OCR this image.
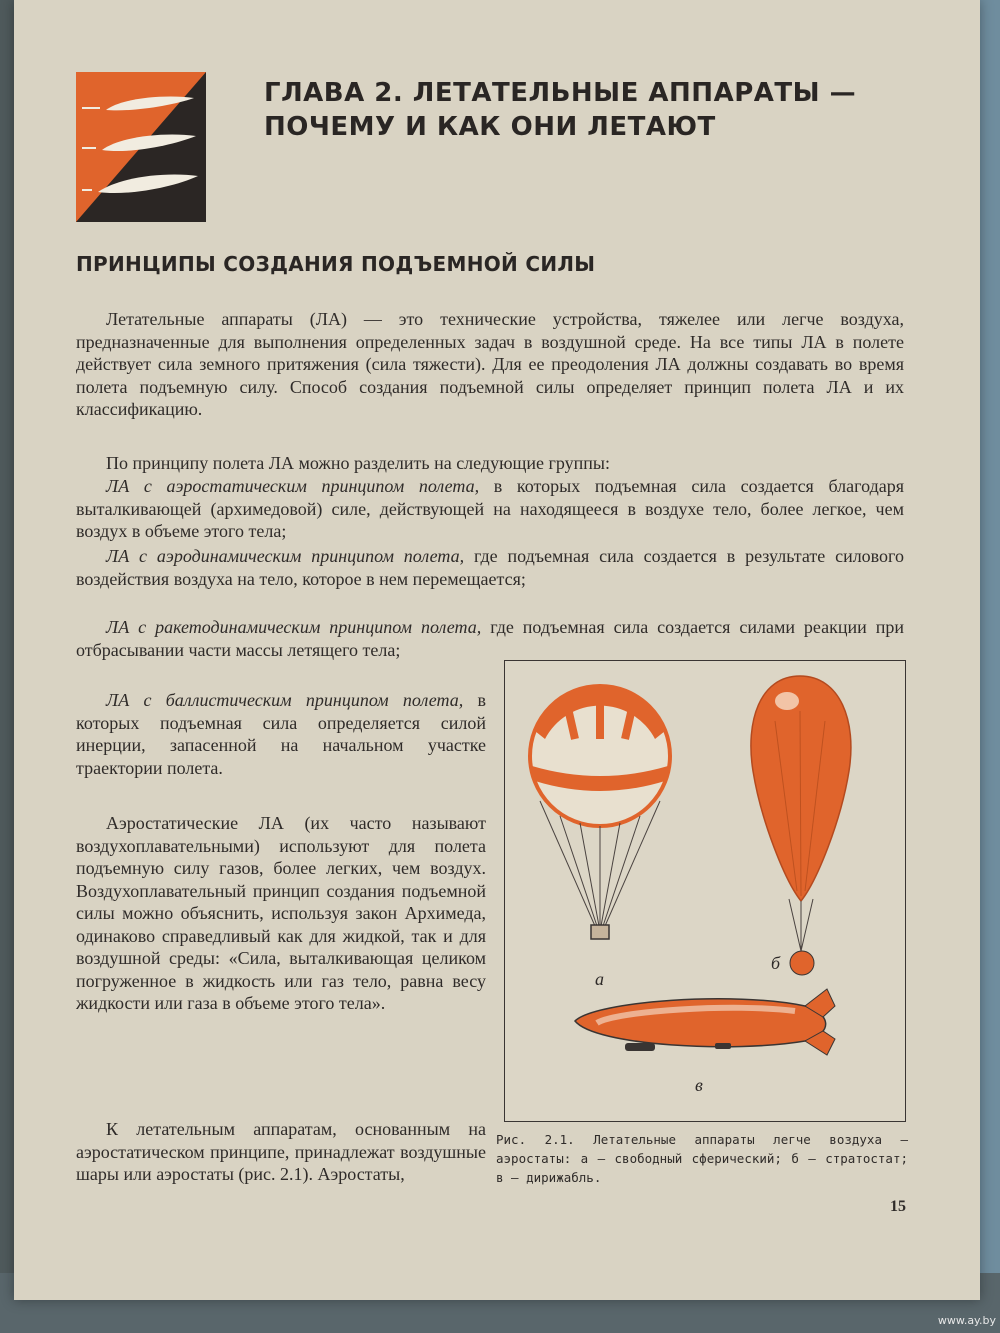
ГЛАВА 2. ЛЕТАТЕЛЬНЫЕ АППАРАТЫ —
ПОЧЕМУ И КАК ОНИ ЛЕТАЮТ
ПРИНЦИПЫ СОЗДАНИЯ ПОДЪЕМНОЙ СИЛЫ
Летательные аппараты (ЛА) — это технические устройства, тяжелее или легче воздуха, предназначенные для выполнения определенных задач в воздушной среде. На все типы ЛА в полете действует сила земного притяжения (сила тяжести). Для ее преодоления ЛА должны создавать во время полета подъемную силу. Способ создания подъемной силы определяет принцип полета ЛА и их классификацию.
По принципу полета ЛА можно разделить на следующие группы:
ЛА с аэростатическим принципом полета, в которых подъемная сила создается благодаря выталкивающей (архимедовой) силе, действующей на находящееся в воздухе тело, более легкое, чем воздух в объеме этого тела;
ЛА с аэродинамическим принципом полета, где подъемная сила создается в результате силового воздействия воздуха на тело, которое в нем перемещается;
ЛА с ракетодинамическим принципом полета, где подъемная сила создается силами реакции при отбрасывании части массы летящего тела;
ЛА с баллистическим принципом полета, в которых подъемная сила определяется силой инерции, запасенной на начальном участке траектории полета.
Аэростатические ЛА (их часто называют воздухоплавательными) используют для полета подъемную силу газов, более легких, чем воздух. Воздухоплавательный принцип создания подъемной силы можно объяснить, используя закон Архимеда, одинаково справедливый как для жидкой, так и для воздушной среды: «Сила, выталкивающая целиком погруженное в жидкость или газ тело, равна весу жидкости или газа в объеме этого тела».
К летательным аппаратам, основанным на аэростатическом принципе, принадлежат воздушные шары или аэростаты (рис. 2.1). Аэростаты,
а
б
в
Рис. 2.1. Летательные аппараты легче воздуха — аэростаты: а — свободный сферический; б — стратостат; в — дирижабль.
15
www.ay.by
